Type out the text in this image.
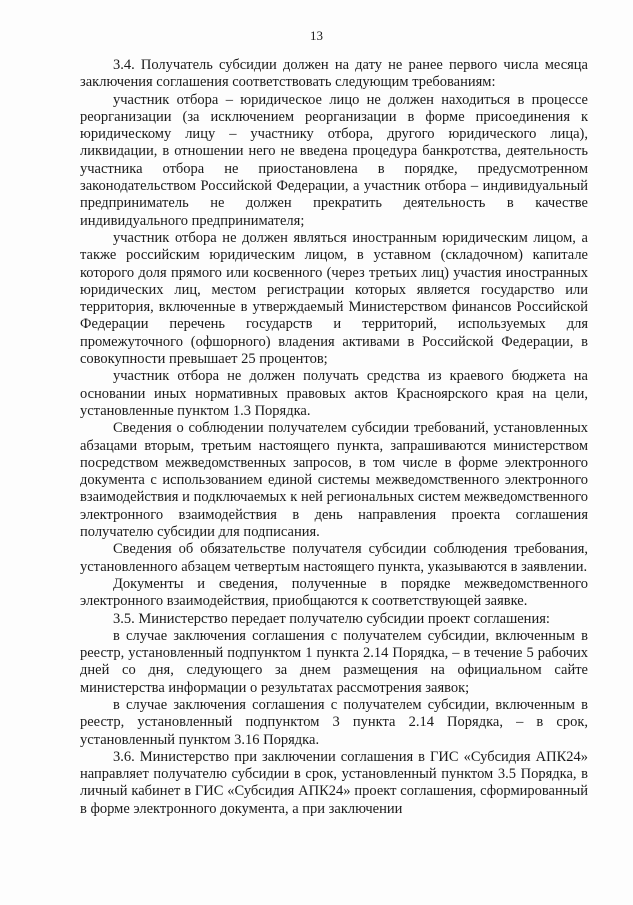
13

3.4. Получатель субсидии должен на дату не ранее первого числа месяца заключения соглашения соответствовать следующим требованиям:

участник отбора – юридическое лицо не должен находиться в процессе реорганизации (за исключением реорганизации в форме присоединения к юридическому лицу – участнику отбора, другого юридического лица), ликвидации, в отношении него не введена процедура банкротства, деятельность участника отбора не приостановлена в порядке, предусмотренном законодательством Российской Федерации, а участник отбора – индивидуальный предприниматель не должен прекратить деятельность в качестве индивидуального предпринимателя;

участник отбора не должен являться иностранным юридическим лицом, а также российским юридическим лицом, в уставном (складочном) капитале которого доля прямого или косвенного (через третьих лиц) участия иностранных юридических лиц, местом регистрации которых является государство или территория, включенные в утверждаемый Министерством финансов Российской Федерации перечень государств и территорий, используемых для промежуточного (офшорного) владения активами в Российской Федерации, в совокупности превышает 25 процентов;

участник отбора не должен получать средства из краевого бюджета на основании иных нормативных правовых актов Красноярского края на цели, установленные пунктом 1.3 Порядка.

Сведения о соблюдении получателем субсидии требований, установленных абзацами вторым, третьим настоящего пункта, запрашиваются министерством посредством межведомственных запросов, в том числе в форме электронного документа с использованием единой системы межведомственного электронного взаимодействия и подключаемых к ней региональных систем межведомственного электронного взаимодействия в день направления проекта соглашения получателю субсидии для подписания.

Сведения об обязательстве получателя субсидии соблюдения требования, установленного абзацем четвертым настоящего пункта, указываются в заявлении.

Документы и сведения, полученные в порядке межведомственного электронного взаимодействия, приобщаются к соответствующей заявке.

3.5. Министерство передает получателю субсидии проект соглашения:

в случае заключения соглашения с получателем субсидии, включенным в реестр, установленный подпунктом 1 пункта 2.14 Порядка, – в течение 5 рабочих дней со дня, следующего за днем размещения на официальном сайте министерства информации о результатах рассмотрения заявок;

в случае заключения соглашения с получателем субсидии, включенным в реестр, установленный подпунктом 3 пункта 2.14 Порядка, – в срок, установленный пунктом 3.16 Порядка.

3.6. Министерство при заключении соглашения в ГИС «Субсидия АПК24» направляет получателю субсидии в срок, установленный пунктом 3.5 Порядка, в личный кабинет в ГИС «Субсидия АПК24» проект соглашения, сформированный в форме электронного документа, а при заключении
